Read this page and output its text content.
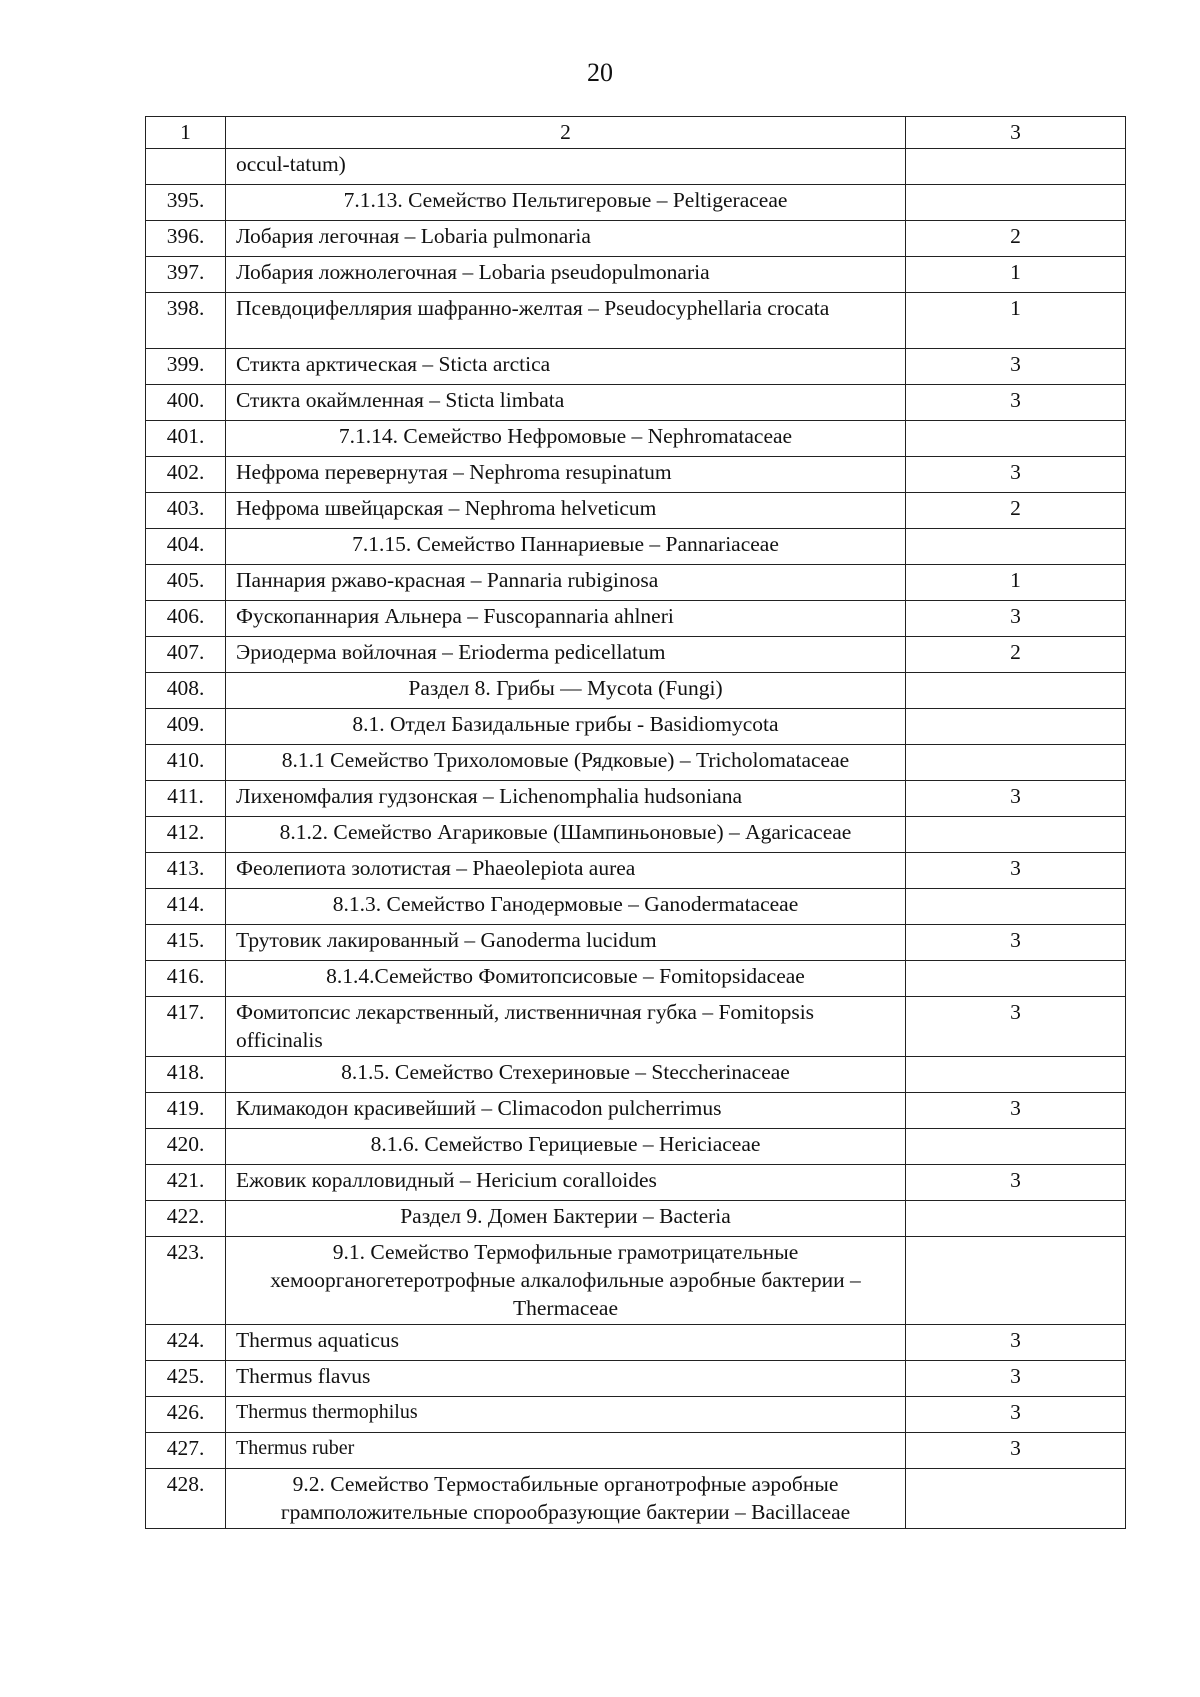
20
1	2	3
	occul-tatum)	
395.	7.1.13. Семейство Пельтигеровые – Peltigeraceae	
396.	Лобария легочная – Lobaria pulmonaria	2
397.	Лобария ложнолегочная – Lobaria pseudopulmonaria	1
398.	Псевдоцифеллярия шафранно-желтая – Pseudocyphellaria crocata	1
399.	Стикта арктическая – Sticta arctica	3
400.	Стикта окаймленная – Sticta limbata	3
401.	7.1.14. Семейство Нефромовые – Nephromataceae	
402.	Нефрома перевернутая – Nephroma resupinatum	3
403.	Нефрома швейцарская – Nephroma helveticum	2
404.	7.1.15. Семейство Паннариевые – Pannariaceae	
405.	Паннария ржаво-красная – Pannaria rubiginosa	1
406.	Фускопаннария Альнера – Fuscopannaria ahlneri	3
407.	Эриодерма войлочная – Erioderma pedicellatum	2
408.	Раздел 8. Грибы — Mycota (Fungi)	
409.	8.1. Отдел Базидальные грибы - Basidiomycota	
410.	8.1.1 Семейство Трихоломовые (Рядковые) – Tricholomataceae	
411.	Лихеномфалия гудзонская – Lichenomphalia hudsoniana	3
412.	8.1.2. Семейство Агариковые (Шампиньоновые) – Agaricaceae	
413.	Феолепиота золотистая – Phaeolepiota aurea	3
414.	8.1.3. Семейство Ганодермовые – Ganodermataceae	
415.	Трутовик лакированный – Ganoderma lucidum	3
416.	8.1.4.Семейство Фомитопсисовые – Fomitopsidaceae	
417.	Фомитопсис лекарственный, лиственничная губка – Fomitopsis officinalis	3
418.	8.1.5. Семейство Стехериновые – Steccherinaceae	
419.	Климакодон красивейший – Climacodon pulcherrimus	3
420.	8.1.6. Семейство Герициевые – Hericiaceae	
421.	Ежовик коралловидный – Hericium coralloides	3
422.	Раздел 9. Домен Бактерии – Bacteria	
423.	9.1. Семейство Термофильные грамотрицательные хемоорганогетеротрофные алкалофильные аэробные бактерии – Thermaceae	
424.	Thermus aquaticus	3
425.	Thermus flavus	3
426.	Thermus thermophilus	3
427.	Thermus ruber	3
428.	9.2. Семейство Термостабильные органотрофные аэробные грамположительные спорообразующие бактерии – Bacillaceae	
